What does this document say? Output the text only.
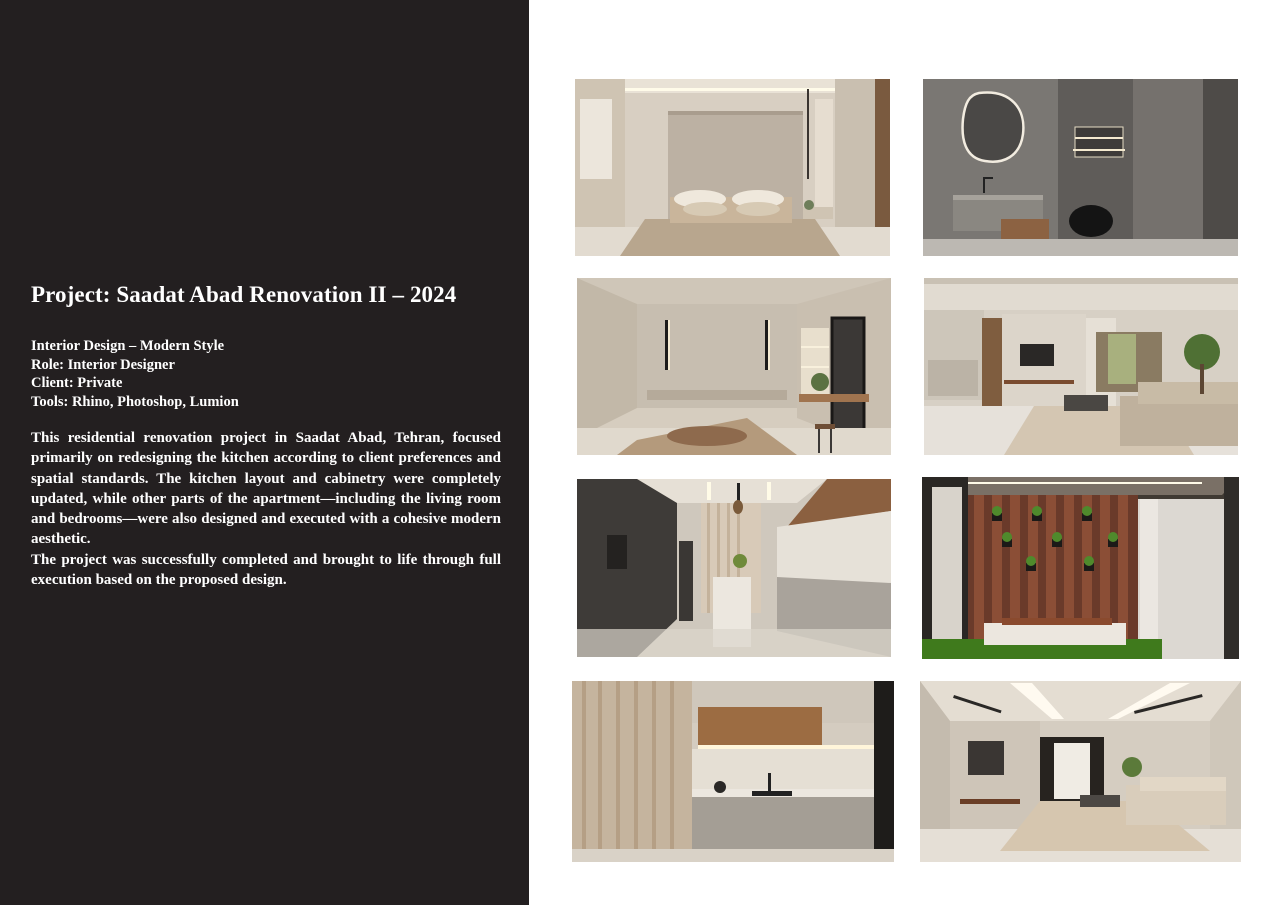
Project: Saadat Abad Renovation II – 2024
Interior Design – Modern Style
Role: Interior Designer
Client: Private
Tools: Rhino, Photoshop, Lumion

This residential renovation project in Saadat Abad, Tehran, focused primarily on redesigning the kitchen according to client preferences and spatial standards. The kitchen layout and cabinetry were completely updated, while other parts of the apartment—including the living room and bedrooms—were also designed and executed with a cohesive modern aesthetic.

The project was successfully completed and brought to life through full execution based on the proposed design.
